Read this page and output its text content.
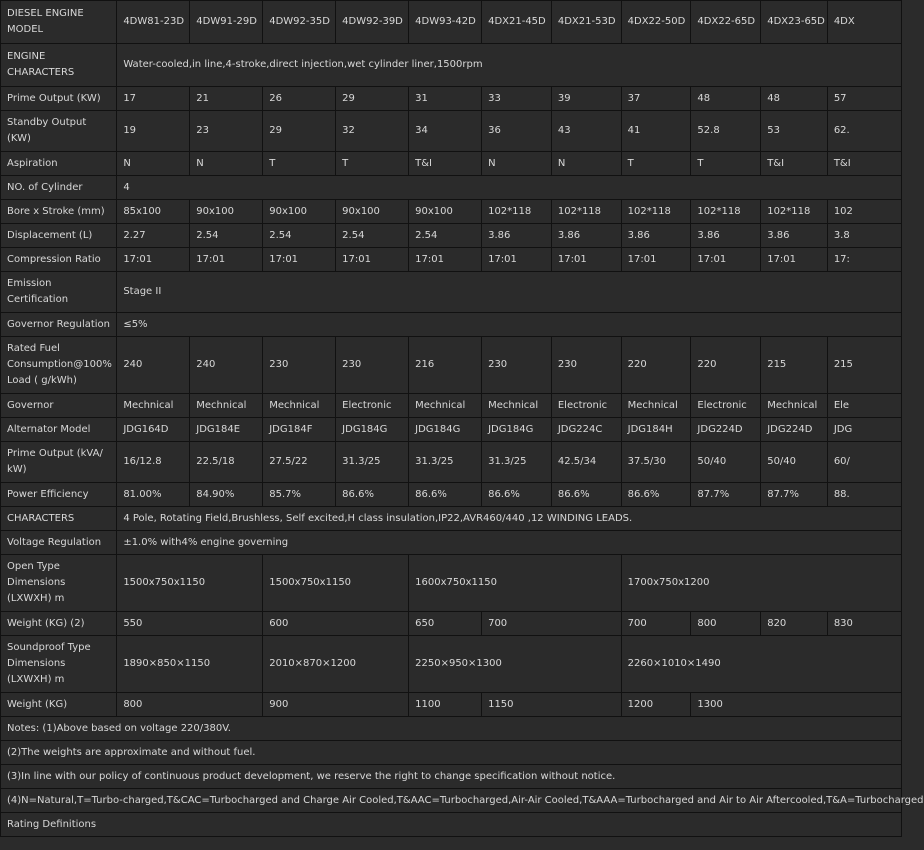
DIESEL ENGINE MODEL	4DW81-23D	4DW91-29D	4DW92-35D	4DW92-39D	4DW93-42D	4DX21-45D	4DX21-53D	4DX22-50D	4DX22-65D	4DX23-65D	4DX
ENGINE CHARACTERS	Water-cooled,in line,4-stroke,direct injection,wet cylinder liner,1500rpm										
Prime Output (KW)	17	21	26	29	31	33	39	37	48	48	57
Standby Output (KW)	19	23	29	32	34	36	43	41	52.8	53	62.
Aspiration	N	N	T	T	T&I	N	N	T	T	T&I	T&I
NO. of Cylinder	4										
Bore x Stroke (mm)	85x100	90x100	90x100	90x100	90x100	102*118	102*118	102*118	102*118	102*118	102
Displacement (L)	2.27	2.54	2.54	2.54	2.54	3.86	3.86	3.86	3.86	3.86	3.8
Compression Ratio	17:01	17:01	17:01	17:01	17:01	17:01	17:01	17:01	17:01	17:01	17:
Emission Certification	Stage II										
Governor Regulation	≤5%										
Rated Fuel Consumption@100% Load ( g/kWh)	240	240	230	230	216	230	230	220	220	215	215
Governor	Mechnical	Mechnical	Mechnical	Electronic	Mechnical	Mechnical	Electronic	Mechnical	Electronic	Mechnical	Ele
Alternator Model	JDG164D	JDG184E	JDG184F	JDG184G	JDG184G	JDG184G	JDG224C	JDG184H	JDG224D	JDG224D	JDG
Prime Output (kVA/ kW)	16/12.8	22.5/18	27.5/22	31.3/25	31.3/25	31.3/25	42.5/34	37.5/30	50/40	50/40	60/
Power Efficiency	81.00%	84.90%	85.7%	86.6%	86.6%	86.6%	86.6%	86.6%	87.7%	87.7%	88.
CHARACTERS	4 Pole, Rotating Field,Brushless, Self excited,H class insulation,IP22,AVR460/440 ,12 WINDING LEADS.										
Voltage Regulation	±1.0% with4% engine governing										
Open Type Dimensions (LXWXH) m	1500x750x1150		1500x750x1150		1600x750x1150			1700x750x1200			
Weight (KG) (2)	550		600		650	700		700	800	820	830
Soundproof Type Dimensions (LXWXH) m	1890×850×1150		2010×870×1200		2250×950×1300			2260×1010×1490			
Weight (KG)	800		900		1100	1150		1200	1300		
Notes: (1)Above based on voltage 220/380V.											
(2)The weights are approximate and without fuel.											
(3)In line with our policy of continuous product development, we reserve the right to change specification without notice.											
(4)N=Natural,T=Turbo-charged,T&CAC=Turbocharged and Charge Air Cooled,T&AAC=Turbocharged,Air-Air Cooled,T&AAA=Turbocharged and Air to Air Aftercooled,T&A=Turbocharged											
Rating Definitions											
